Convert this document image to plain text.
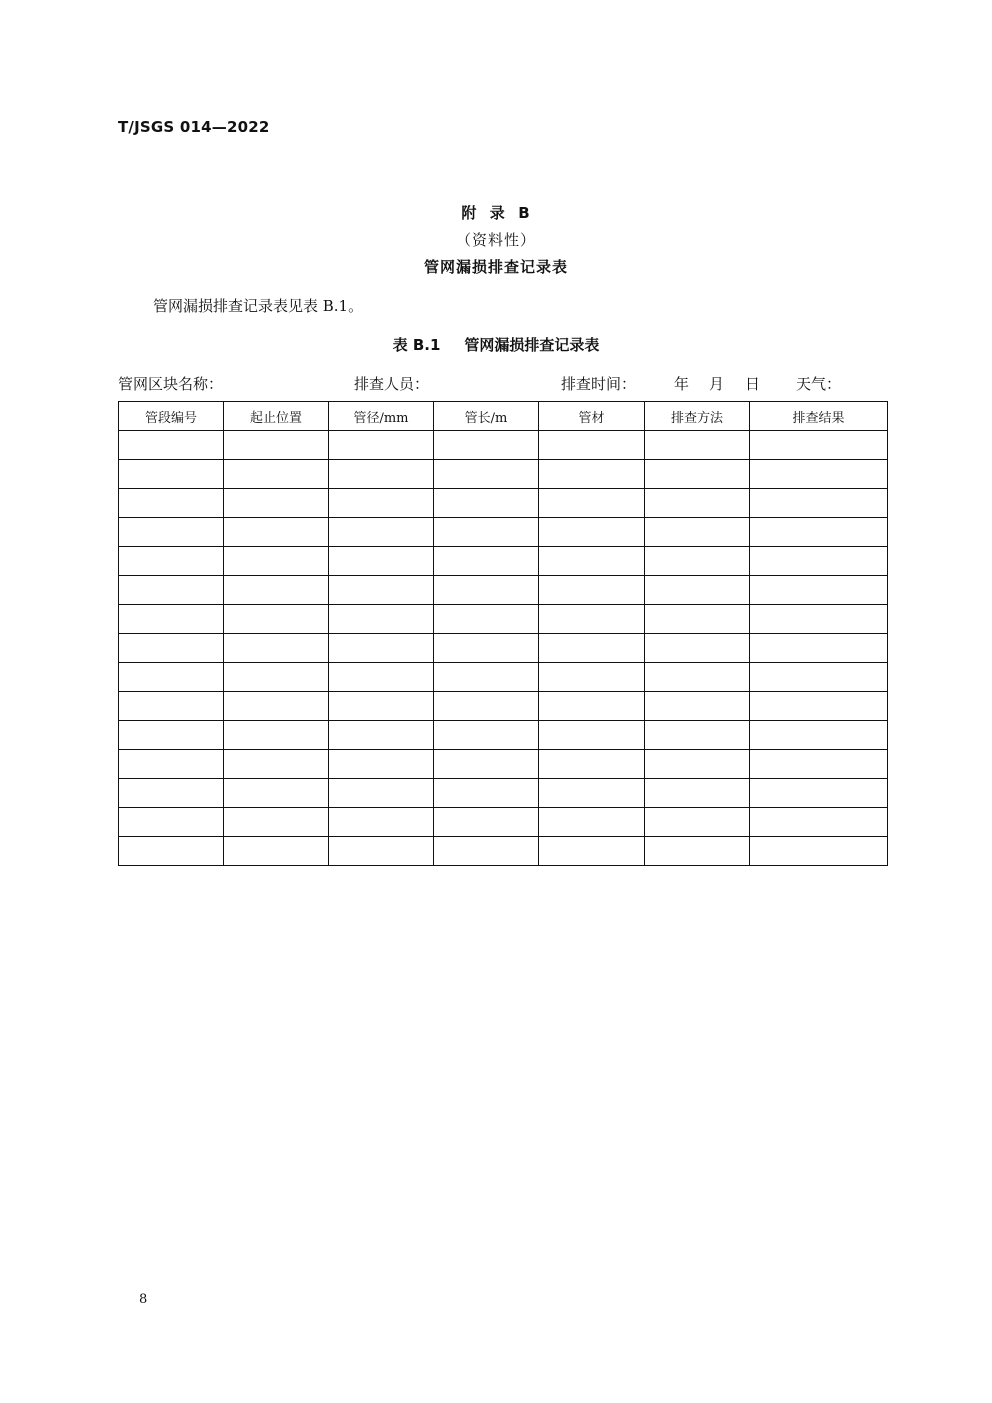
T/JSGS 014—2022
附  录  B
（资料性）
管网漏损排查记录表
管网漏损排查记录表见表 B.1。
表 B.1 管网漏损排查记录表
管网区块名称：	排查人员：	排查时间：	年 月 日 天气：
管段编号	起止位置	管径/mm	管长/m	管材	排查方法	排查结果

8
